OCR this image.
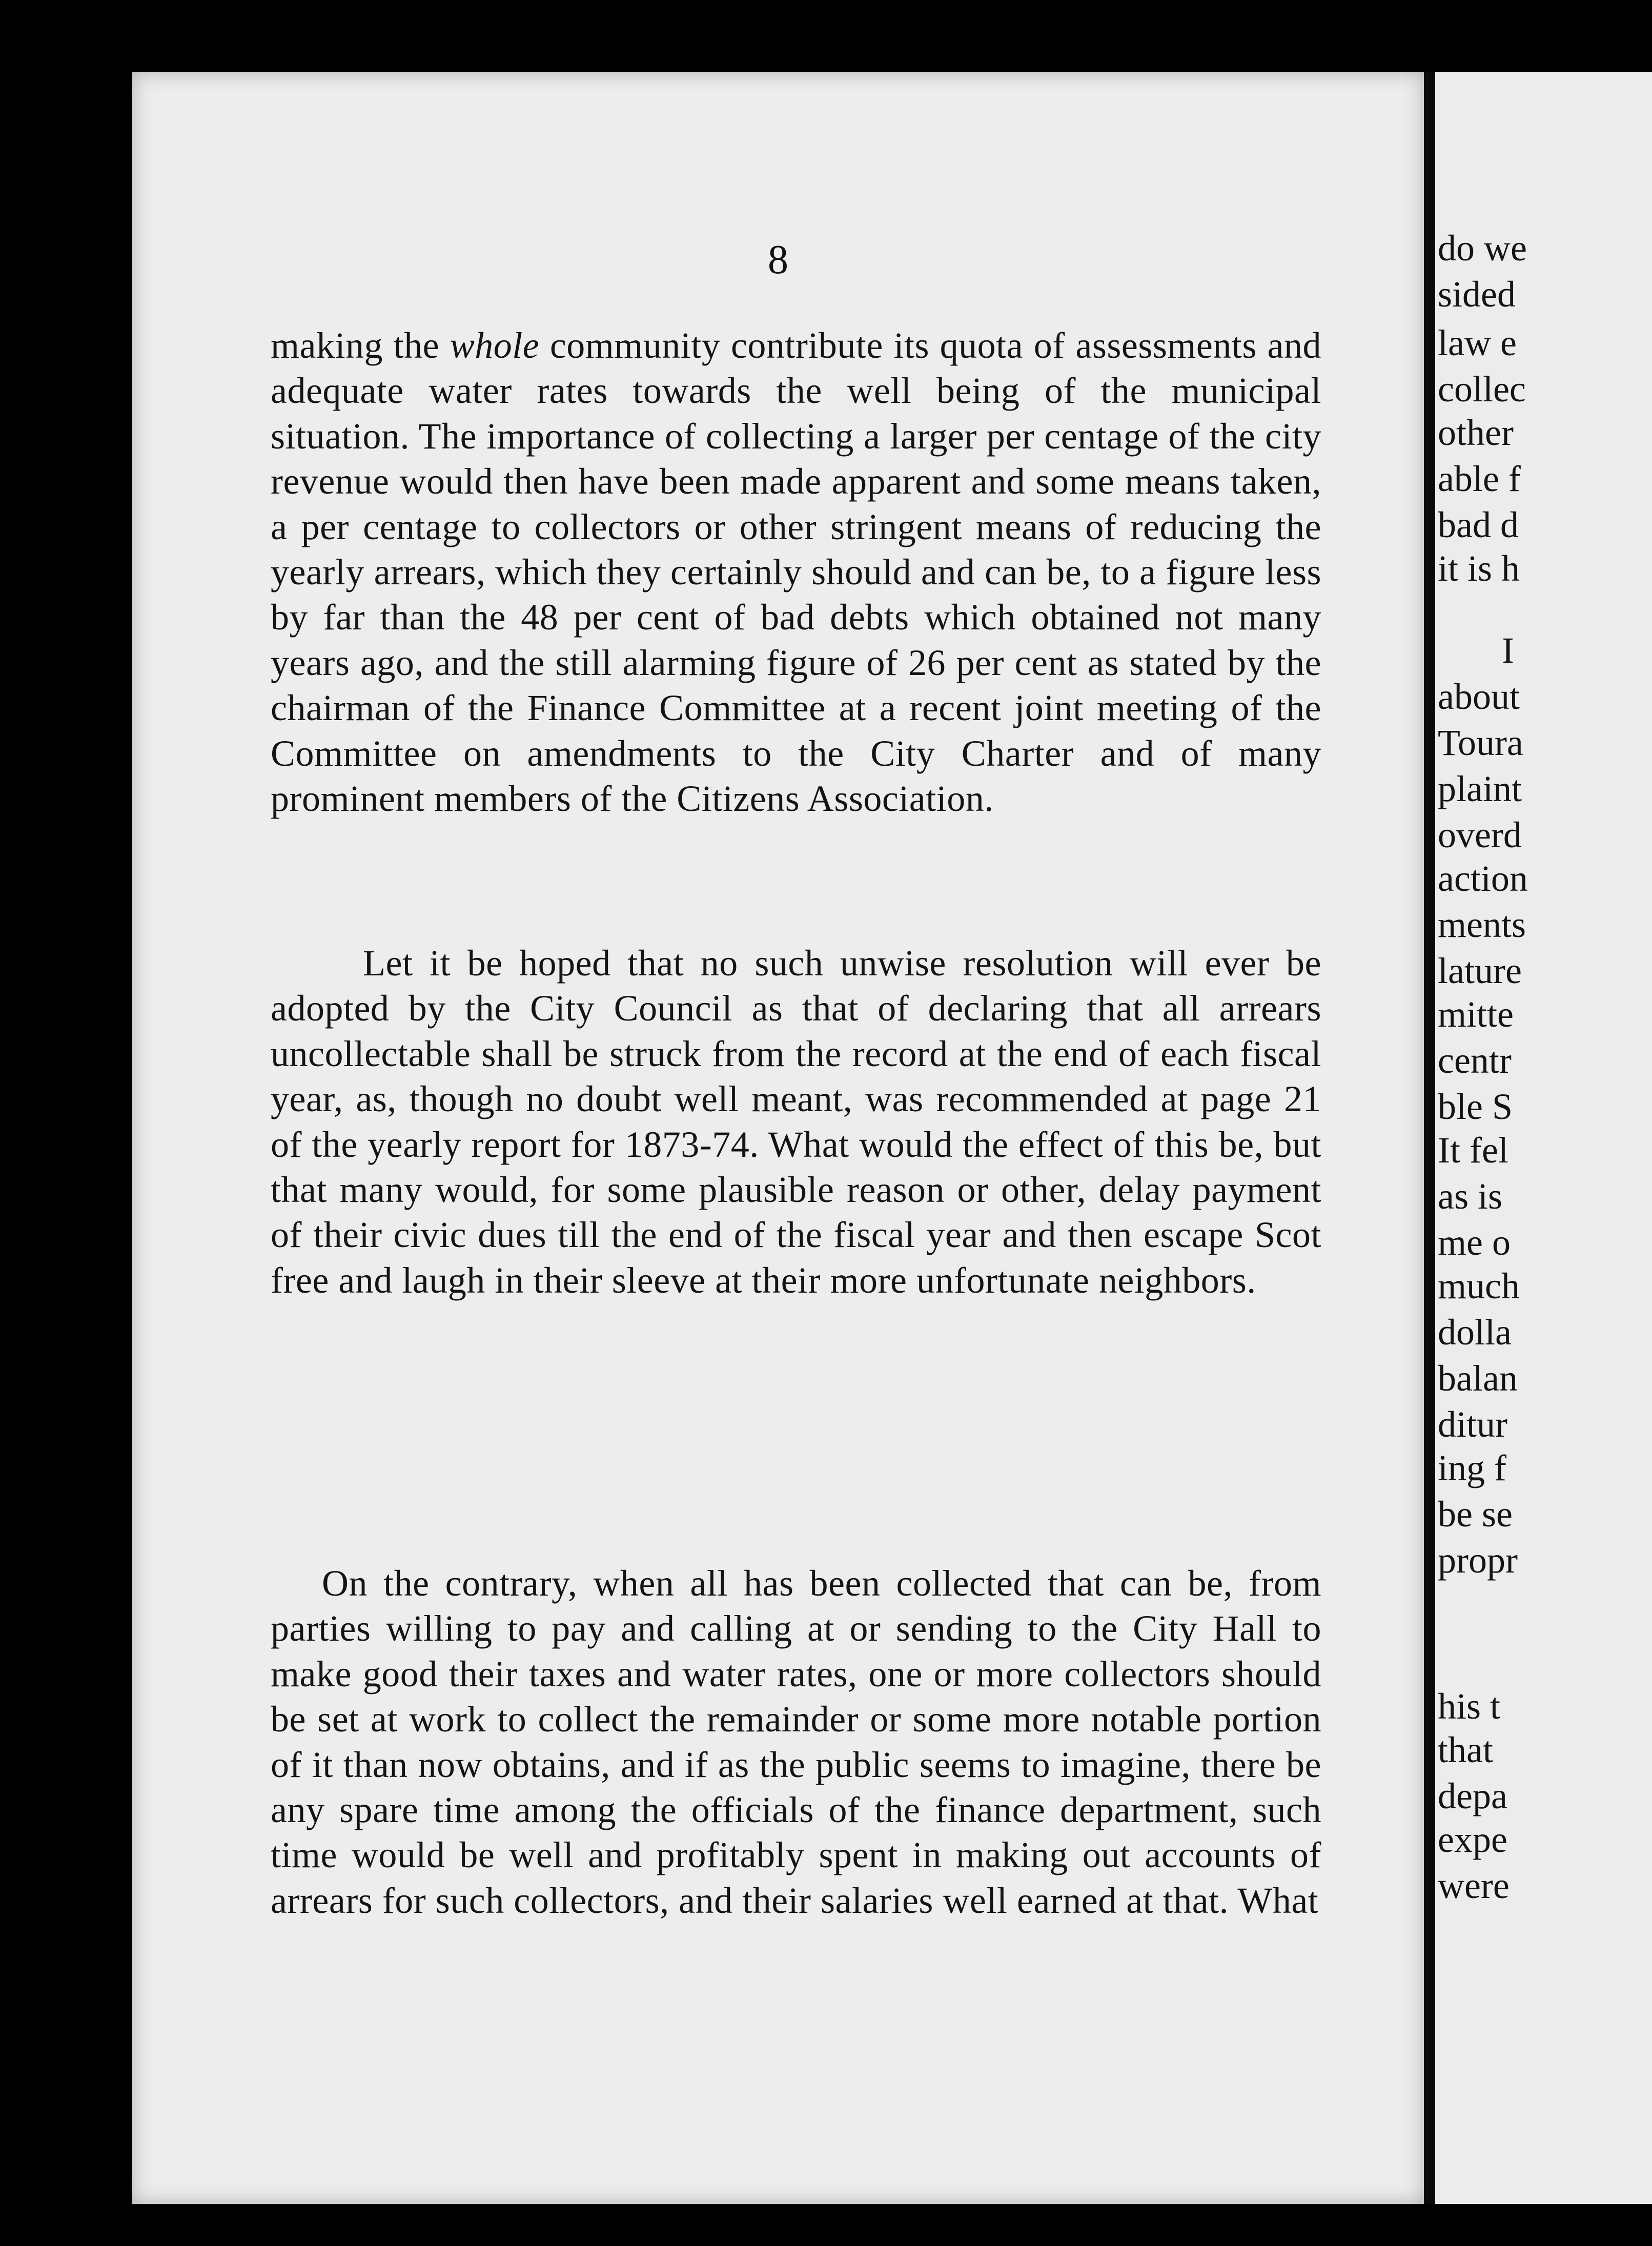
8

making the whole community contribute its quota of assessments and adequate water rates towards the well being of the municipal situation. The importance of collecting a larger per centage of the city revenue would then have been made apparent and some means taken, a per centage to collectors or other stringent means of reducing the yearly arrears, which they certainly should and can be, to a figure less by far than the 48 per cent of bad debts which obtained not many years ago, and the still alarming figure of 26 per cent as stated by the chairman of the Finance Committee at a recent joint meeting of the Committee on amendments to the City Charter and of many prominent members of the Citizens Association.

Let it be hoped that no such unwise resolution will ever be adopted by the City Council as that of declaring that all arrears uncollectable shall be struck from the record at the end of each fiscal year, as, though no doubt well meant, was recommended at page 21 of the yearly report for 1873-74. What would the effect of this be, but that many would, for some plausible reason or other, delay payment of their civic dues till the end of the fiscal year and then escape Scot free and laugh in their sleeve at their more unfortunate neighbors.

On the contrary, when all has been collected that can be, from parties willing to pay and calling at or sending to the City Hall to make good their taxes and water rates, one or more collectors should be set at work to collect the remainder or some more notable portion of it than now obtains, and if as the public seems to imagine, there be any spare time among the officials of the finance department, such time would be well and profitably spent in making out accounts of arrears for such collectors, and their salaries well earned at that. What

do we
sided
law e
collec
other
able f
bad d
it is h
I
about
Toura
plaint
overd
action
ments
lature
mitte
centr
ble S
It fel
as is
me o
much
dolla
balan
ditur
ing f
be se
propr
his t
that
depa
expe
were
